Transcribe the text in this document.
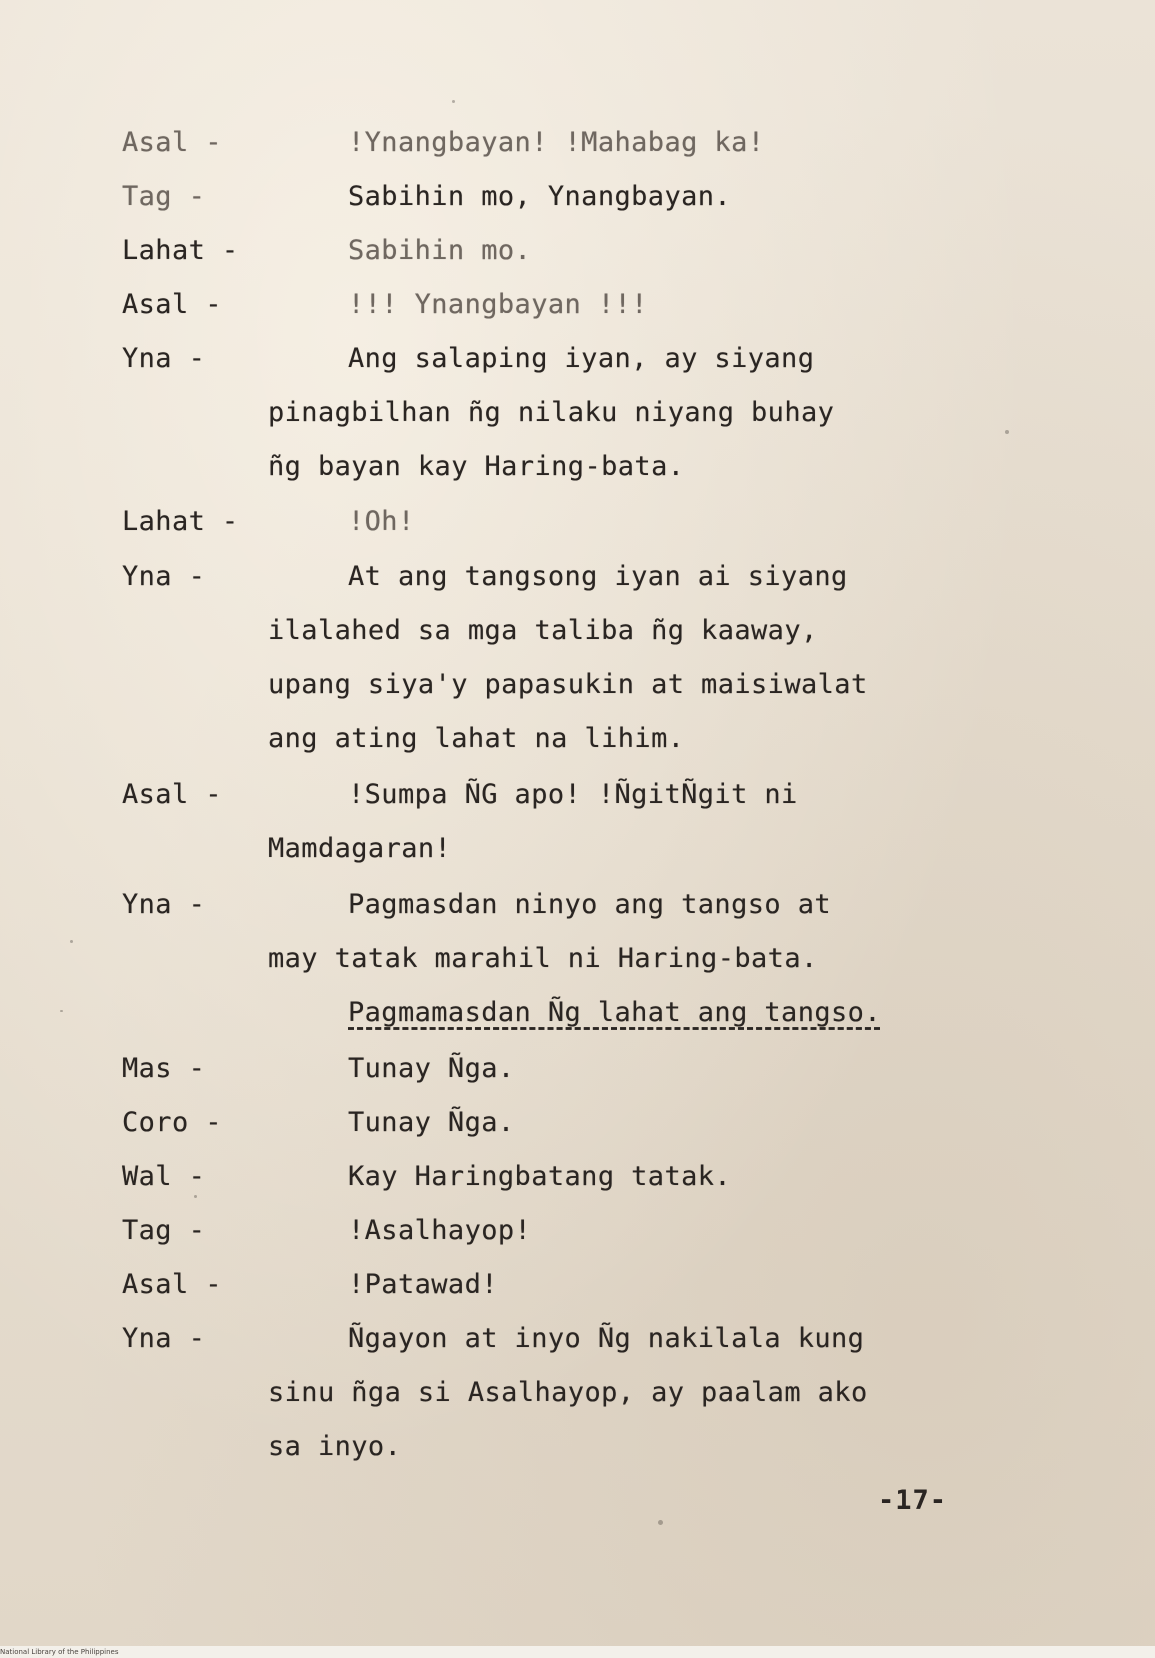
Asal -	!Ynangbayan! !Mahabag ka!
Tag -	Sabihin mo, Ynangbayan.
Lahat -	Sabihin mo.
Asal -	!!! Ynangbayan !!!
Yna -	Ang salaping iyan, ay siyang
pinagbilhan ñg nilaku niyang buhay
ñg bayan kay Haring-bata.
Lahat -	!Oh!
Yna -	At ang tangsong iyan ai siyang
ilalahed sa mga taliba ñg kaaway,
upang siya'y papasukin at maisiwalat
ang ating lahat na lihim.
Asal -	!Sumpa ÑG apo! !ÑgitÑgit ni
Mamdagaran!
Yna -	Pagmasdan ninyo ang tangso at
may tatak marahil ni Haring-bata.
Pagmamasdan Ñg lahat ang tangso.
Mas -	Tunay Ñga.
Coro -	Tunay Ñga.
Wal -	Kay Haringbatang tatak.
Tag -	!Asalhayop!
Asal -	!Patawad!
Yna -	Ñgayon at inyo Ñg nakilala kung
sinu ñga si Asalhayop, ay paalam ako
sa inyo.
-17-
National Library of the Philippines
